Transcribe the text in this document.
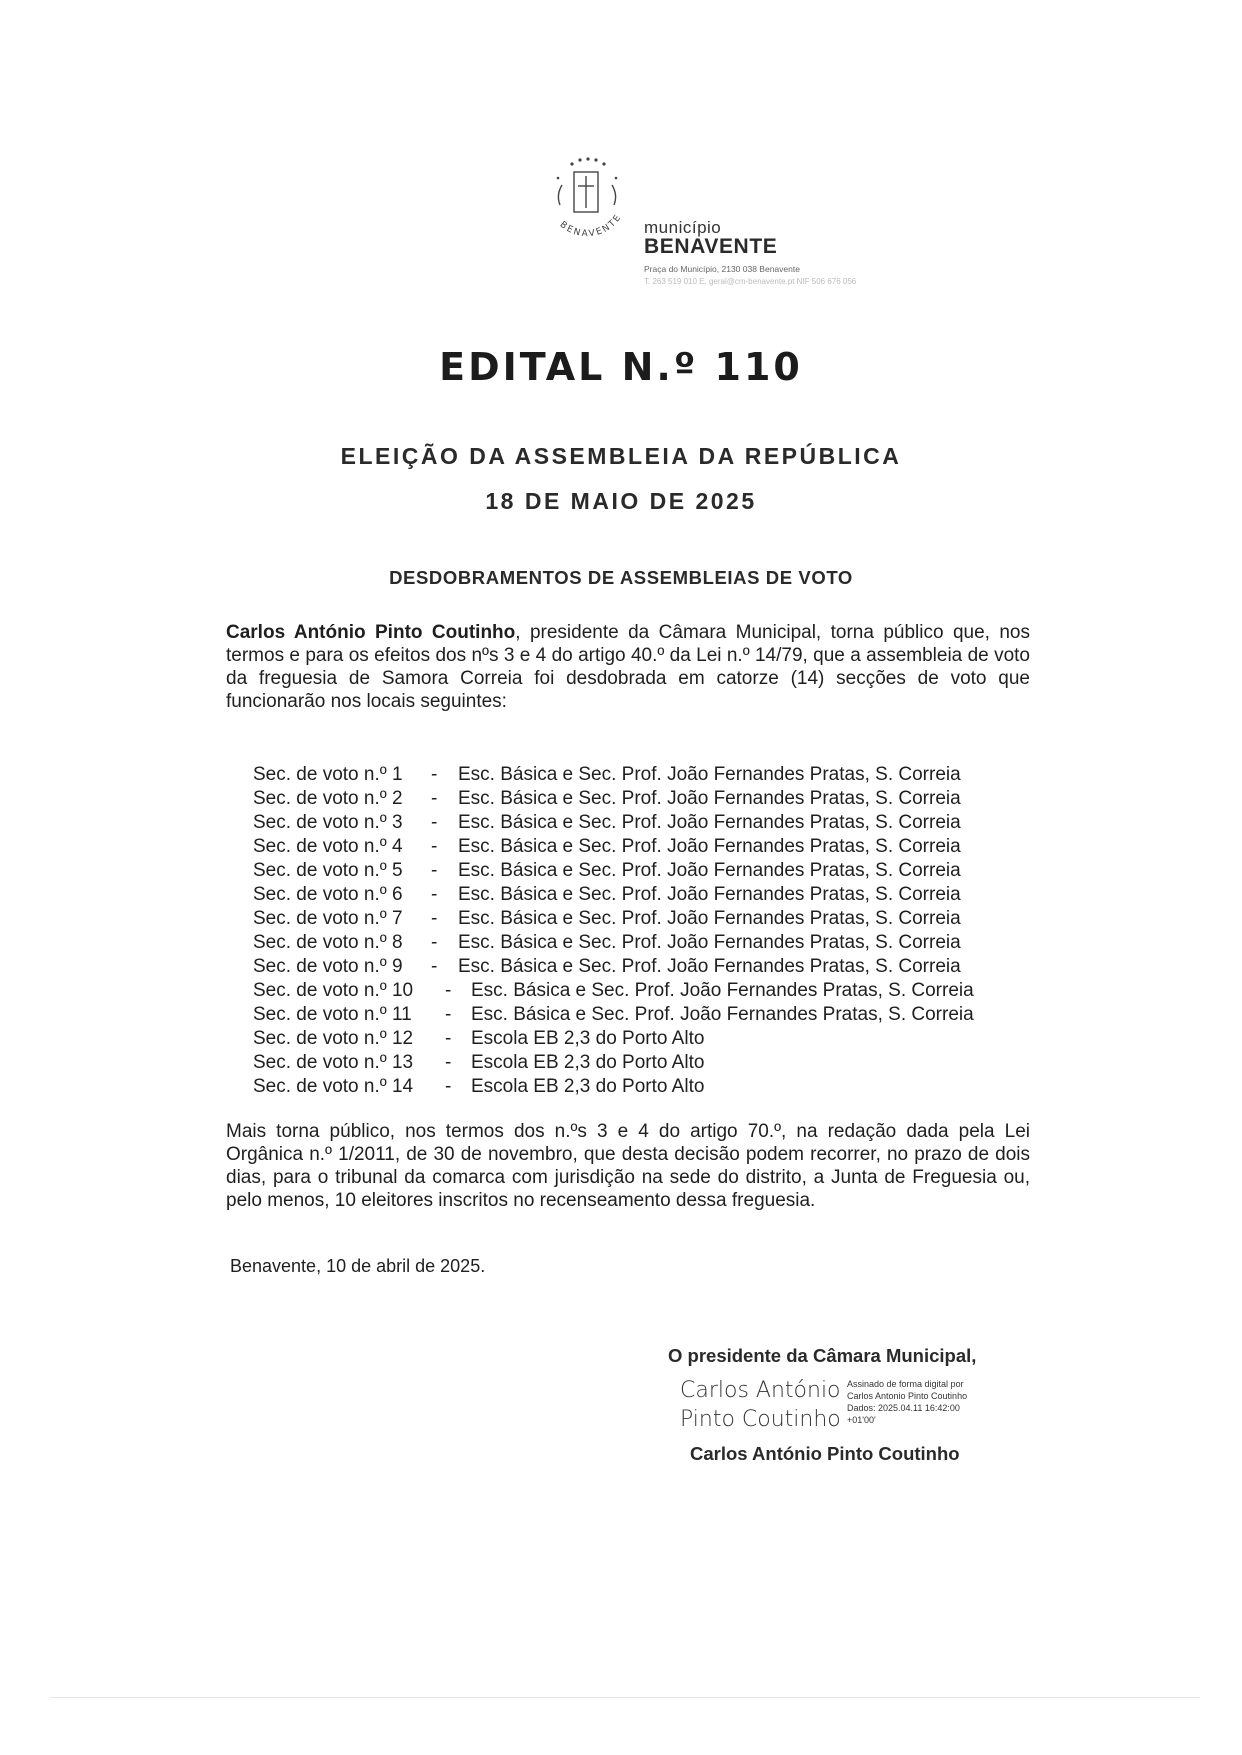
BENAVENTE município
BENAVENTE
Praça do Município, 2130 038 Benavente
T. 263 519 010 E. geral@cm-benavente.pt NIF 506 676 056
EDITAL N.º 110
ELEIÇÃO DA ASSEMBLEIA DA REPÚBLICA
18 DE MAIO DE 2025
DESDOBRAMENTOS DE ASSEMBLEIAS DE VOTO
Carlos António Pinto Coutinho, presidente da Câmara Municipal, torna público que, nos termos e para os efeitos dos nºs 3 e 4 do artigo 40.º da Lei n.º 14/79, que a assembleia de voto da freguesia de Samora Correia foi desdobrada em catorze (14) secções de voto que funcionarão nos locais seguintes:
Sec. de voto n.º 1 - Esc. Básica e Sec. Prof. João Fernandes Pratas, S. Correia
Sec. de voto n.º 2 - Esc. Básica e Sec. Prof. João Fernandes Pratas, S. Correia
Sec. de voto n.º 3 - Esc. Básica e Sec. Prof. João Fernandes Pratas, S. Correia
Sec. de voto n.º 4 - Esc. Básica e Sec. Prof. João Fernandes Pratas, S. Correia
Sec. de voto n.º 5 - Esc. Básica e Sec. Prof. João Fernandes Pratas, S. Correia
Sec. de voto n.º 6 - Esc. Básica e Sec. Prof. João Fernandes Pratas, S. Correia
Sec. de voto n.º 7 - Esc. Básica e Sec. Prof. João Fernandes Pratas, S. Correia
Sec. de voto n.º 8 - Esc. Básica e Sec. Prof. João Fernandes Pratas, S. Correia
Sec. de voto n.º 9 - Esc. Básica e Sec. Prof. João Fernandes Pratas, S. Correia
Sec. de voto n.º 10 - Esc. Básica e Sec. Prof. João Fernandes Pratas, S. Correia
Sec. de voto n.º 11 - Esc. Básica e Sec. Prof. João Fernandes Pratas, S. Correia
Sec. de voto n.º 12 - Escola EB 2,3 do Porto Alto
Sec. de voto n.º 13 - Escola EB 2,3 do Porto Alto
Sec. de voto n.º 14 - Escola EB 2,3 do Porto Alto
Mais torna público, nos termos dos n.ºs 3 e 4 do artigo 70.º, na redação dada pela Lei Orgânica n.º 1/2011, de 30 de novembro, que desta decisão podem recorrer, no prazo de dois dias, para o tribunal da comarca com jurisdição na sede do distrito, a Junta de Freguesia ou, pelo menos, 10 eleitores inscritos no recenseamento dessa freguesia.
Benavente, 10 de abril de 2025.
O presidente da Câmara Municipal,
Carlos António
Pinto Coutinho
Assinado de forma digital por
Carlos Antonio Pinto Coutinho
Dados: 2025.04.11 16:42:00
+01'00'
Carlos António Pinto Coutinho
